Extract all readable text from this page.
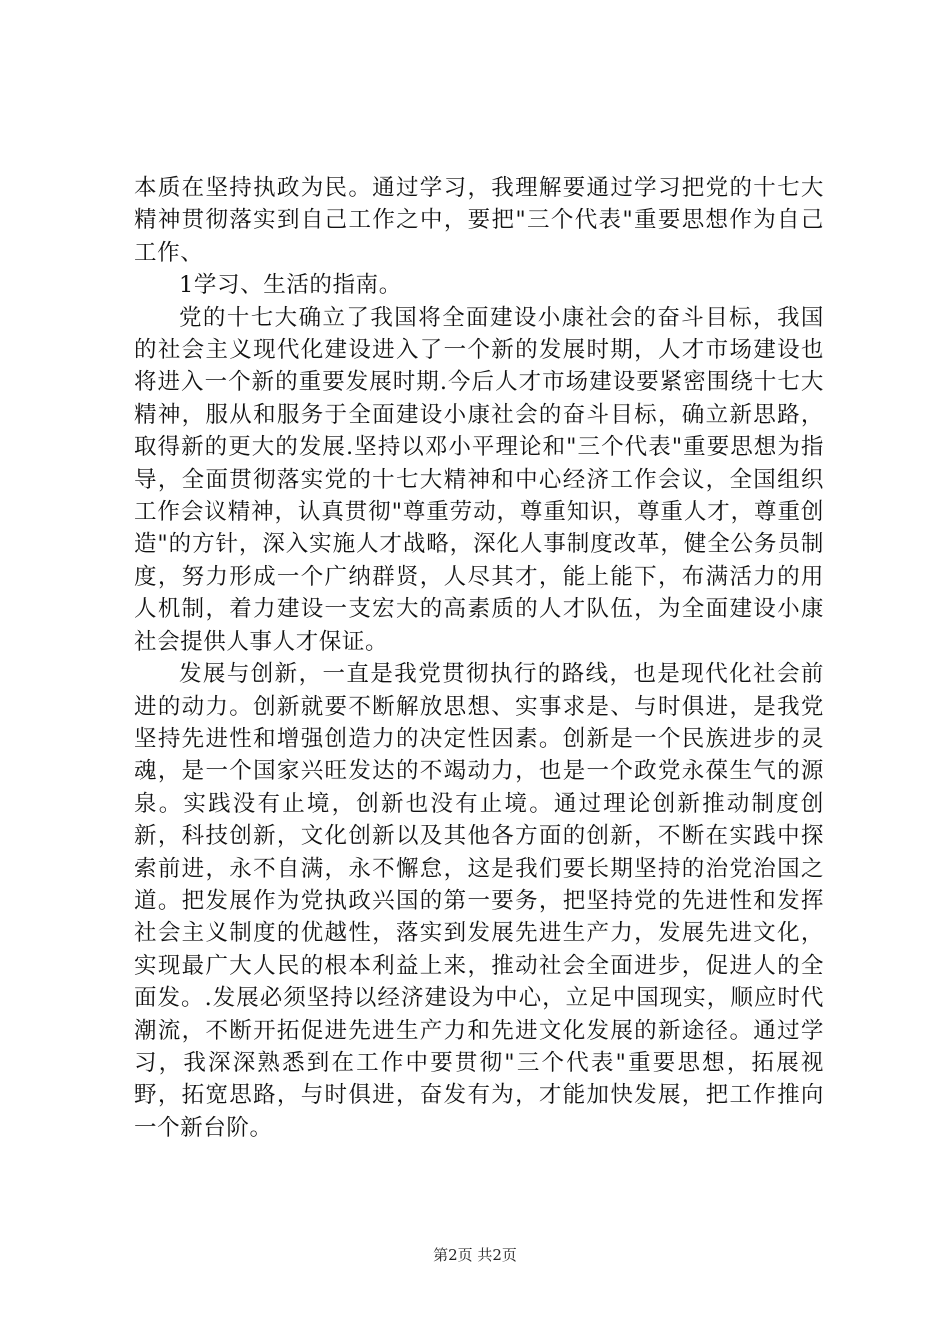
本质在坚持执政为民。通过学习，我理解要通过学习把党的十七大精神贯彻落实到自己工作之中，要把"三个代表"重要思想作为自己工作、

1学习、生活的指南。

党的十七大确立了我国将全面建设小康社会的奋斗目标，我国的社会主义现代化建设进入了一个新的发展时期，人才市场建设也将进入一个新的重要发展时期.今后人才市场建设要紧密围绕十七大精神，服从和服务于全面建设小康社会的奋斗目标，确立新思路，取得新的更大的发展.坚持以邓小平理论和"三个代表"重要思想为指导，全面贯彻落实党的十七大精神和中心经济工作会议，全国组织工作会议精神，认真贯彻"尊重劳动，尊重知识，尊重人才，尊重创造"的方针，深入实施人才战略，深化人事制度改革，健全公务员制度，努力形成一个广纳群贤，人尽其才，能上能下，布满活力的用人机制，着力建设一支宏大的高素质的人才队伍，为全面建设小康社会提供人事人才保证。

发展与创新，一直是我党贯彻执行的路线，也是现代化社会前进的动力。创新就要不断解放思想、实事求是、与时俱进，是我党坚持先进性和增强创造力的决定性因素。创新是一个民族进步的灵魂，是一个国家兴旺发达的不竭动力，也是一个政党永葆生气的源泉。实践没有止境，创新也没有止境。通过理论创新推动制度创新，科技创新，文化创新以及其他各方面的创新，不断在实践中探索前进，永不自满，永不懈怠，这是我们要长期坚持的治党治国之道。把发展作为党执政兴国的第一要务，把坚持党的先进性和发挥社会主义制度的优越性，落实到发展先进生产力，发展先进文化，实现最广大人民的根本利益上来，推动社会全面进步，促进人的全面发。.发展必须坚持以经济建设为中心，立足中国现实，顺应时代潮流，不断开拓促进先进生产力和先进文化发展的新途径。通过学习，我深深熟悉到在工作中要贯彻"三个代表"重要思想，拓展视野，拓宽思路，与时俱进，奋发有为，才能加快发展，把工作推向一个新台阶。

第2页 共2页
